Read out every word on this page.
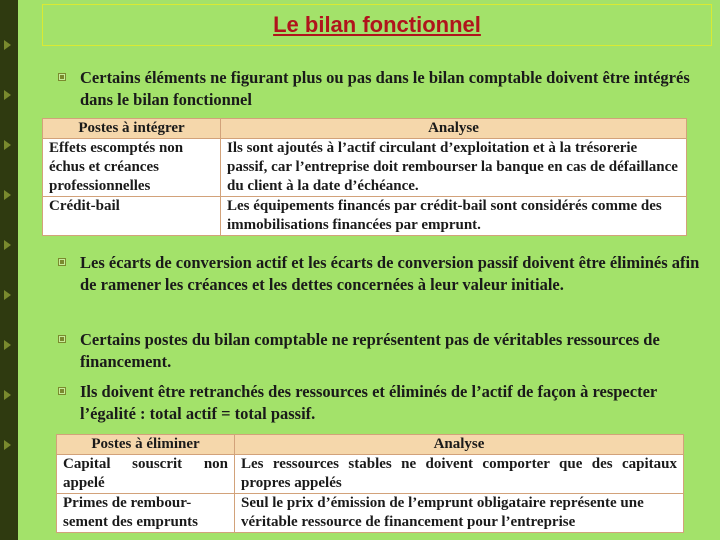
Le bilan fonctionnel
Certains éléments ne figurant plus ou pas dans le bilan comptable doivent être intégrés dans le bilan fonctionnel
Postes à intégrer	Analyse
Effets escomptés non échus et créances professionnelles	Ils sont ajoutés à l’actif circulant d’exploitation et à la trésorerie passif, car l’entreprise doit rembourser la banque en cas de défaillance du client à la date d’échéance.
Crédit-bail	Les équipements financés par crédit-bail sont considérés comme des immobilisations financées par emprunt.
Les écarts de conversion actif et les écarts de conversion passif doivent être éliminés afin de ramener les créances et les dettes concernées à leur valeur initiale.
Certains postes du bilan comptable ne représentent pas de véritables ressources de financement.
Ils doivent être retranchés des ressources et éliminés de l’actif de façon à respecter l’égalité : total actif = total passif.
Postes à éliminer	Analyse
Capital souscrit non appelé	Les ressources stables ne doivent comporter que des capitaux propres appelés
Primes de rembour-sement des emprunts	Seul le prix d’émission de l’emprunt obligataire représente une véritable ressource de financement pour l’entreprise
